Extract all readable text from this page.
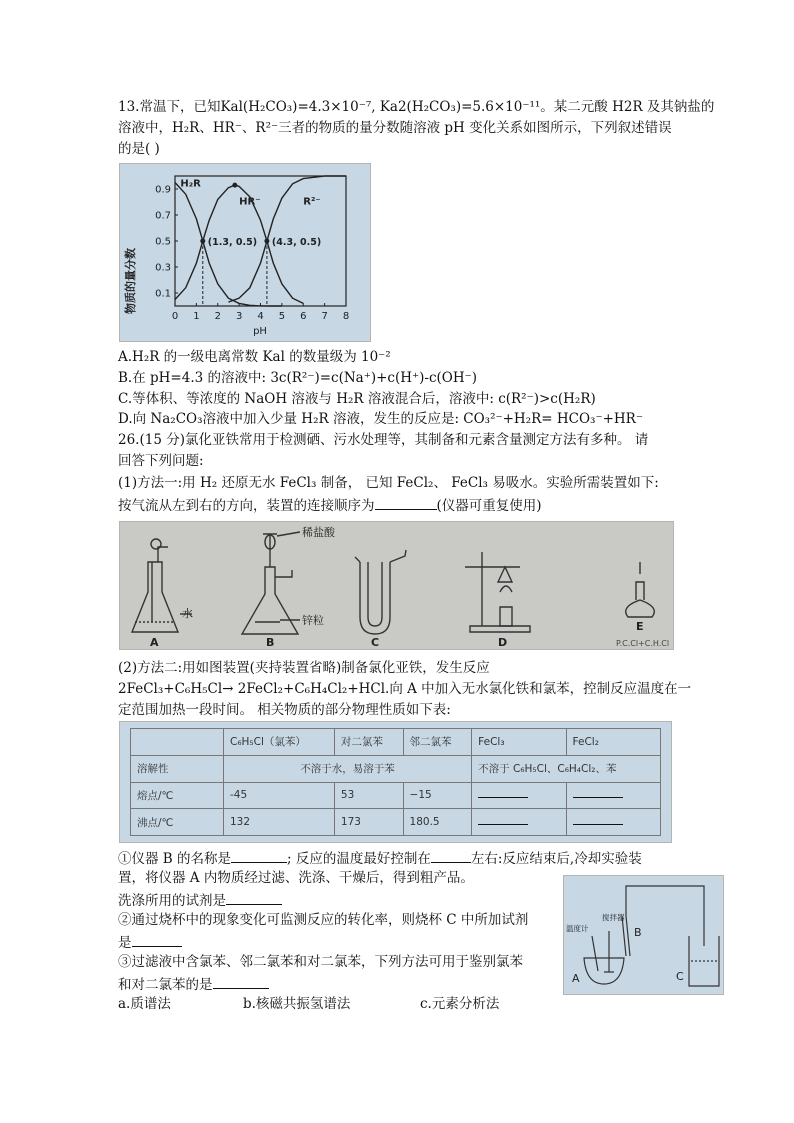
13.常温下，已知Kal(H₂CO₃)=4.3×10⁻⁷, Ka2(H₂CO₃)=5.6×10⁻¹¹。某二元酸 H2R 及其钠盐的
溶液中，H₂R、HR⁻、R²⁻三者的物质的量分数随溶液 pH 变化关系如图所示，下列叙述错误
的是( )
物质的量分数
pH
0 1 2 3 4 5 6 7 8
0.1
0.3
0.5
0.7
0.9
H₂R
HR⁻	R²⁻
(1.3, 0.5) (4.3, 0.5)
A.H₂R 的一级电离常数 Kal 的数量级为 10⁻²
B.在 pH=4.3 的溶液中: 3c(R²⁻)=c(Na⁺)+c(H⁺)-c(OH⁻)
C.等体积、等浓度的 NaOH 溶液与 H₂R 溶液混合后，溶液中: c(R²⁻)>c(H₂R)
D.向 Na₂CO₃溶液中加入少量 H₂R 溶液，发生的反应是: CO₃²⁻+H₂R= HCO₃⁻+HR⁻
26.(15 分)氯化亚铁常用于检测硒、污水处理等，其制备和元素含量测定方法有多种。 请
回答下列问题:
(1)方法一:用 H₂ 还原无水 FeCl₃ 制备， 已知 FeCl₂、 FeCl₃ 易吸水。实验所需装置如下:
按气流从左到右的方向，装置的连接顺序为	(仪器可重复使用)
水
稀盐酸
锌粒
A	B	C	D
E
P.C.Cl+C.H.Cl
(2)方法二:用如图装置(夹持装置省略)制备氯化亚铁，发生反应
2FeCl₃+C₆H₅Cl→ 2FeCl₂+C₆H₄Cl₂+HCl.向 A 中加入无水氯化铁和氯苯，控制反应温度在一
定范围加热一段时间。 相关物质的部分物理性质如下表:
	C₆H₅Cl（氯苯）	对二氯苯	邻二氯苯	FeCl₃	FeCl₂
溶解性	不溶于水，易溶于苯			不溶于 C₆H₅Cl、C₆H₄Cl₂、苯	
熔点/℃	-45	53	−15		
沸点/℃	132	173	180.5		
①仪器 B 的名称是	; 反应的温度最好控制在	左右:反应结束后,冷却实验装
置，将仪器 A 内物质经过滤、洗涤、干燥后，得到粗产品。
洗涤所用的试剂是
②通过烧杯中的现象变化可监测反应的转化率，则烧杯 C 中所加试剂
是
③过滤液中含氯苯、邻二氯苯和对二氯苯，下列方法可用于鉴别氯苯
和对二氯苯的是
a.质谱法	b.核磁共振氢谱法	c.元素分析法
温度计
搅拌器
B
A	C
